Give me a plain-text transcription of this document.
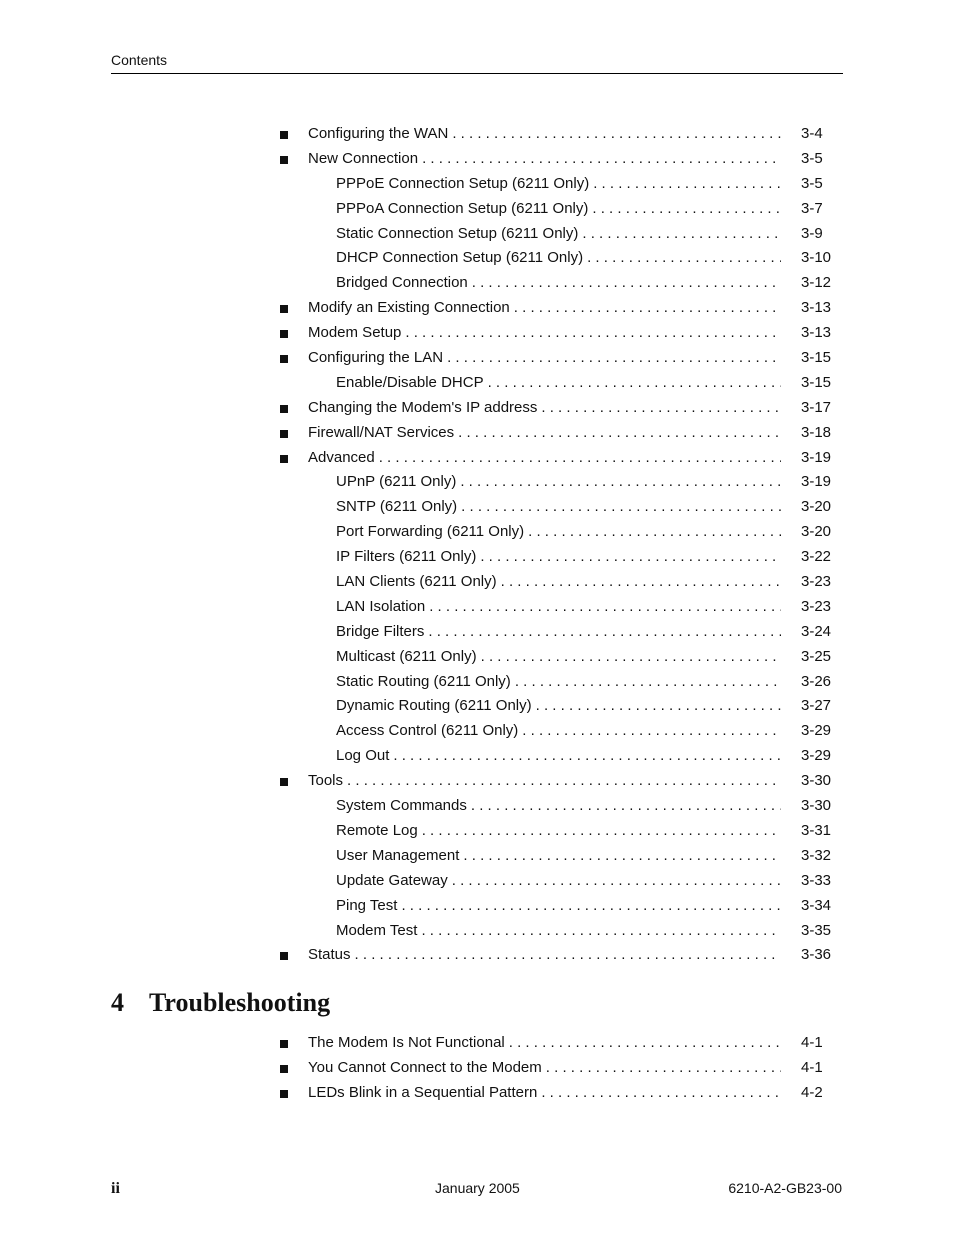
Contents
Configuring the WAN . . .	3-4
New Connection . . .	3-5
PPPoE Connection Setup (6211 Only) . . .	3-5
PPPoA Connection Setup (6211 Only) . . .	3-7
Static Connection Setup (6211 Only) . . .	3-9
DHCP Connection Setup (6211 Only) . . .	3-10
Bridged Connection . . .	3-12
Modify an Existing Connection . . .	3-13
Modem Setup . . .	3-13
Configuring the LAN . . .	3-15
Enable/Disable DHCP . . .	3-15
Changing the Modem's IP address . . .	3-17
Firewall/NAT Services . . .	3-18
Advanced . . .	3-19
UPnP (6211 Only) . . .	3-19
SNTP (6211 Only) . . .	3-20
Port Forwarding (6211 Only) . . .	3-20
IP Filters (6211 Only) . . .	3-22
LAN Clients (6211 Only) . . .	3-23
LAN Isolation . . .	3-23
Bridge Filters . . .	3-24
Multicast (6211 Only) . . .	3-25
Static Routing (6211 Only) . . .	3-26
Dynamic Routing (6211 Only) . . .	3-27
Access Control (6211 Only) . . .	3-29
Log Out . . .	3-29
Tools . . .	3-30
System Commands . . .	3-30
Remote Log . . .	3-31
User Management . . .	3-32
Update Gateway . . .	3-33
Ping Test . . .	3-34
Modem Test . . .	3-35
Status . . .	3-36
4 Troubleshooting
The Modem Is Not Functional . . .	4-1
You Cannot Connect to the Modem . . .	4-1
LEDs Blink in a Sequential Pattern . . .	4-2
ii	January 2005	6210-A2-GB23-00
